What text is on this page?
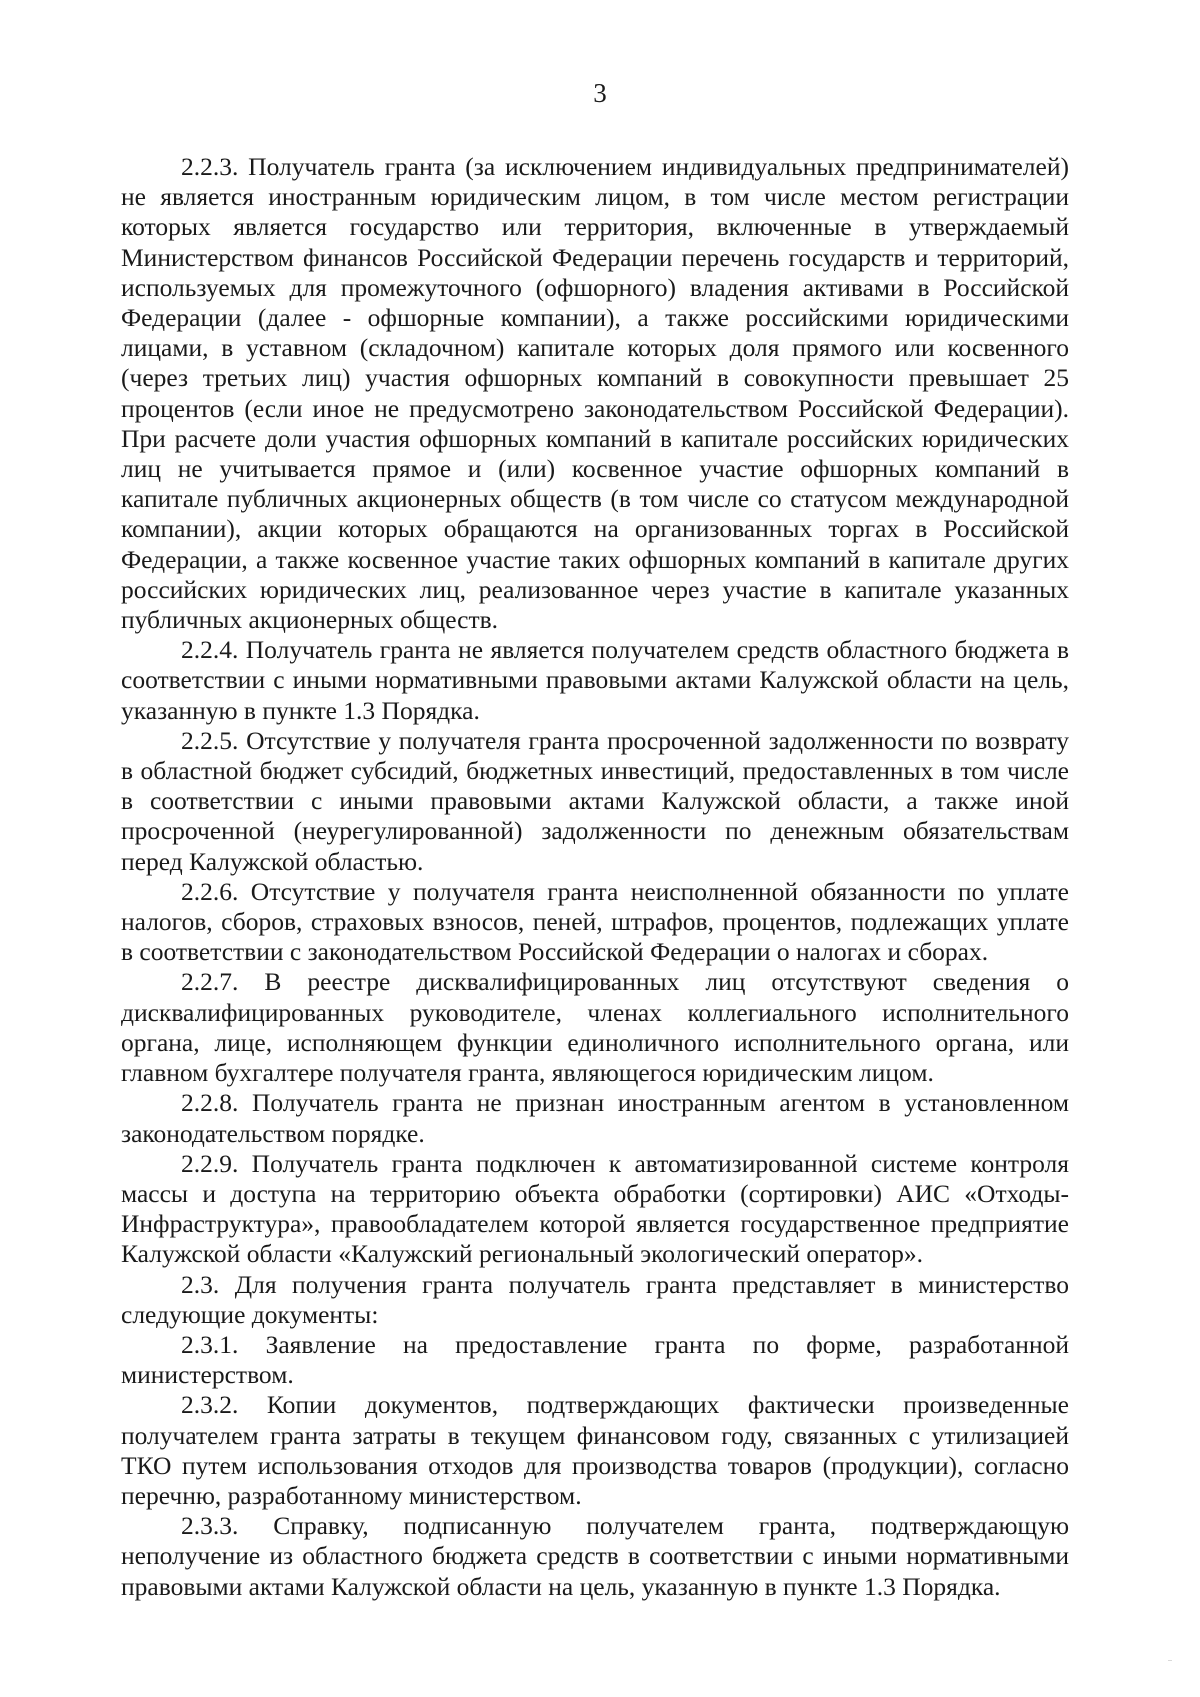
3

2.2.3. Получатель гранта (за исключением индивидуальных предпринимателей) не является иностранным юридическим лицом, в том числе местом регистрации которых является государство или территория, включенные в утверждаемый Министерством финансов Российской Федерации перечень государств и территорий, используемых для промежуточного (офшорного) владения активами в Российской Федерации (далее - офшорные компании), а также российскими юридическими лицами, в уставном (складочном) капитале которых доля прямого или косвенного (через третьих лиц) участия офшорных компаний в совокупности превышает 25 процентов (если иное не предусмотрено законодательством Российской Федерации). При расчете доли участия офшорных компаний в капитале российских юридических лиц не учитывается прямое и (или) косвенное участие офшорных компаний в капитале публичных акционерных обществ (в том числе со статусом международной компании), акции которых обращаются на организованных торгах в Российской Федерации, а также косвенное участие таких офшорных компаний в капитале других российских юридических лиц, реализованное через участие в капитале указанных публичных акционерных обществ.

2.2.4. Получатель гранта не является получателем средств областного бюджета в соответствии с иными нормативными правовыми актами Калужской области на цель, указанную в пункте 1.3 Порядка.

2.2.5. Отсутствие у получателя гранта просроченной задолженности по возврату в областной бюджет субсидий, бюджетных инвестиций, предоставленных в том числе в соответствии с иными правовыми актами Калужской области, а также иной просроченной (неурегулированной) задолженности по денежным обязательствам перед Калужской областью.

2.2.6. Отсутствие у получателя гранта неисполненной обязанности по уплате налогов, сборов, страховых взносов, пеней, штрафов, процентов, подлежащих уплате в соответствии с законодательством Российской Федерации о налогах и сборах.

2.2.7. В реестре дисквалифицированных лиц отсутствуют сведения о дисквалифицированных руководителе, членах коллегиального исполнительного органа, лице, исполняющем функции единоличного исполнительного органа, или главном бухгалтере получателя гранта, являющегося юридическим лицом.

2.2.8. Получатель гранта не признан иностранным агентом в установленном законодательством порядке.

2.2.9. Получатель гранта подключен к автоматизированной системе контроля массы и доступа на территорию объекта обработки (сортировки) АИС «Отходы-Инфраструктура», правообладателем которой является государственное предприятие Калужской области «Калужский региональный экологический оператор».

2.3. Для получения гранта получатель гранта представляет в министерство следующие документы:

2.3.1. Заявление на предоставление гранта по форме, разработанной министерством.

2.3.2. Копии документов, подтверждающих фактически произведенные получателем гранта затраты в текущем финансовом году, связанных с утилизацией ТКО путем использования отходов для производства товаров (продукции), согласно перечню, разработанному министерством.

2.3.3. Справку, подписанную получателем гранта, подтверждающую неполучение из областного бюджета средств в соответствии с иными нормативными правовыми актами Калужской области на цель, указанную в пункте 1.3 Порядка.
